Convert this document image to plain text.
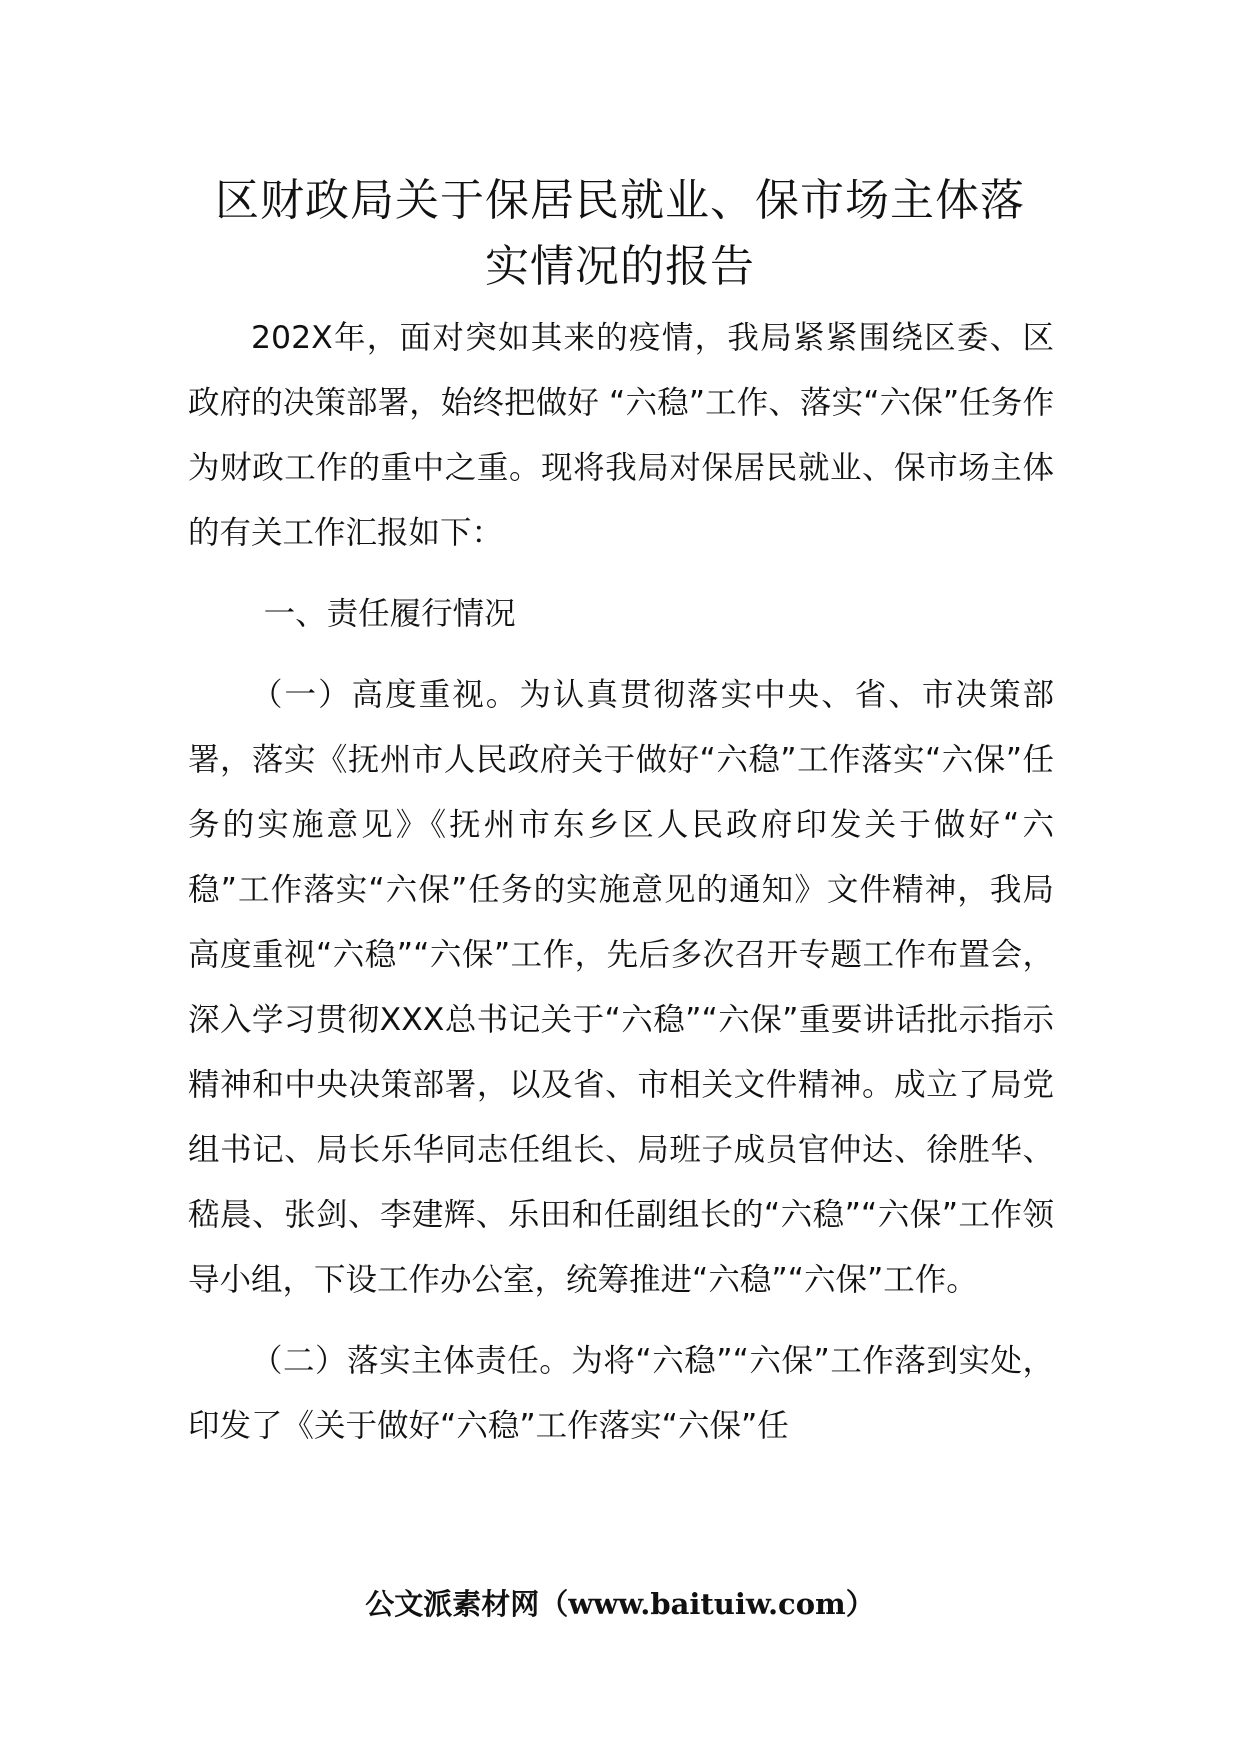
区财政局关于保居民就业、保市场主体落
实情况的报告

202X年，面对突如其来的疫情，我局紧紧围绕区委、区政府的决策部署，始终把做好 “六稳”工作、落实“六保”任务作为财政工作的重中之重。现将我局对保居民就业、保市场主体的有关工作汇报如下：

一、责任履行情况

（一）高度重视。为认真贯彻落实中央、省、市决策部署，落实《抚州市人民政府关于做好“六稳”工作落实“六保”任务的实施意见》《抚州市东乡区人民政府印发关于做好“六稳”工作落实“六保”任务的实施意见的通知》文件精神，我局高度重视“六稳”“六保”工作，先后多次召开专题工作布置会，深入学习贯彻XXX总书记关于“六稳”“六保”重要讲话批示指示精神和中央决策部署，以及省、市相关文件精神。成立了局党组书记、局长乐华同志任组长、局班子成员官仲达、徐胜华、嵇晨、张剑、李建辉、乐田和任副组长的“六稳”“六保”工作领导小组，下设工作办公室，统筹推进“六稳”“六保”工作。

（二）落实主体责任。为将“六稳”“六保”工作落到实处，印发了《关于做好“六稳”工作落实“六保”任

公文派素材网（www.baituiw.com）
